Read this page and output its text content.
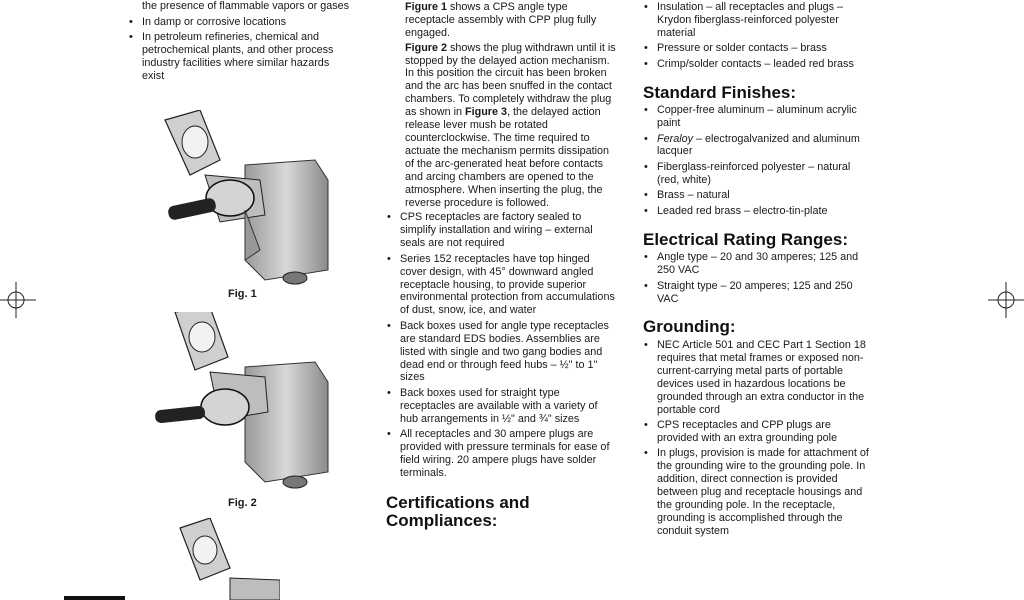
the presence of flammable vapors or gases
• In damp or corrosive locations
• In petroleum refineries, chemical and petrochemical plants, and other process industry facilities where similar hazards exist
Fig. 1
Fig. 2

Figure 1 shows a CPS angle type receptacle assembly with CPP plug fully engaged.

Figure 2 shows the plug withdrawn until it is stopped by the delayed action mechanism. In this position the circuit has been broken and the arc has been snuffed in the contact chambers. To completely withdraw the plug as shown in Figure 3, the delayed action release lever mush be rotated counterclockwise. The time required to actuate the mechanism permits dissipation of the arc-generated heat before contacts and arcing chambers are opened to the atmosphere. When inserting the plug, the reverse procedure is followed.

• CPS receptacles are factory sealed to simplify installation and wiring – external seals are not required
• Series 152 receptacles have top hinged cover design, with 45° downward angled receptacle housing, to provide superior environmental protection from accumulations of dust, snow, ice, and water
• Back boxes used for angle type receptacles are standard EDS bodies. Assemblies are listed with single and two gang bodies and dead end or through feed hubs – ½" to 1" sizes
• Back boxes used for straight type receptacles are available with a variety of hub arrangements in ½" and ¾" sizes
• All receptacles and 30 ampere plugs are provided with pressure terminals for ease of field wiring. 20 ampere plugs have solder terminals.
Certifications and Compliances:
• Insulation – all receptacles and plugs – Krydon fiberglass-reinforced polyester material
• Pressure or solder contacts – brass
• Crimp/solder contacts – leaded red brass
Standard Finishes:
• Copper-free aluminum – aluminum acrylic paint
• Feraloy – electrogalvanized and aluminum lacquer
• Fiberglass-reinforced polyester – natural (red, white)
• Brass – natural
• Leaded red brass – electro-tin-plate
Electrical Rating Ranges:
• Angle type – 20 and 30 amperes; 125 and 250 VAC
• Straight type – 20 amperes; 125 and 250 VAC
Grounding:
• NEC Article 501 and CEC Part 1 Section 18 requires that metal frames or exposed non-current-carrying metal parts of portable devices used in hazardous locations be grounded through an extra conductor in the portable cord
• CPS receptacles and CPP plugs are provided with an extra grounding pole
• In plugs, provision is made for attachment of the grounding wire to the grounding pole. In addition, direct connection is provided between plug and receptacle housings and the grounding pole. In the receptacle, grounding is accomplished through the conduit system
